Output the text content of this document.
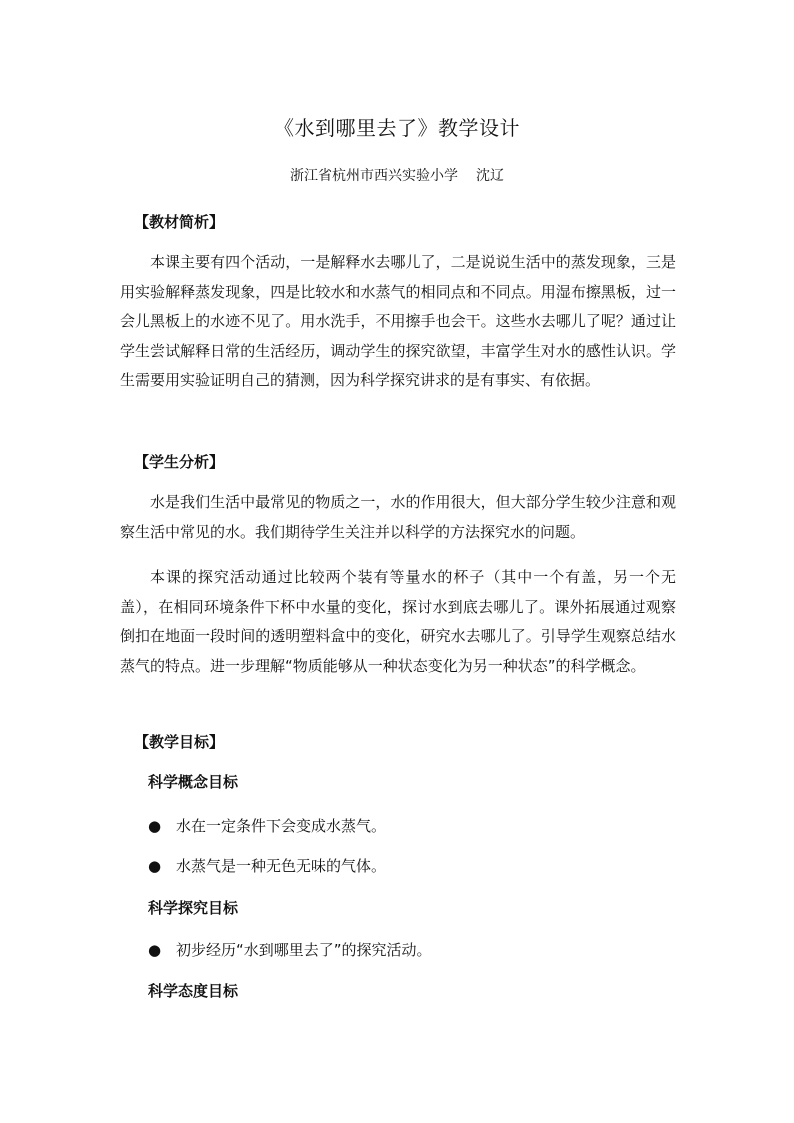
《水到哪里去了》教学设计
浙江省杭州市西兴实验小学 沈辽
【教材简析】
本课主要有四个活动，一是解释水去哪儿了，二是说说生活中的蒸发现象，三是用实验解释蒸发现象，四是比较水和水蒸气的相同点和不同点。用湿布擦黑板，过一会儿黑板上的水迹不见了。用水洗手，不用擦手也会干。这些水去哪儿了呢？通过让学生尝试解释日常的生活经历，调动学生的探究欲望，丰富学生对水的感性认识。学生需要用实验证明自己的猜测，因为科学探究讲求的是有事实、有依据。
【学生分析】
水是我们生活中最常见的物质之一，水的作用很大，但大部分学生较少注意和观察生活中常见的水。我们期待学生关注并以科学的方法探究水的问题。
本课的探究活动通过比较两个装有等量水的杯子（其中一个有盖，另一个无盖），在相同环境条件下杯中水量的变化，探讨水到底去哪儿了。课外拓展通过观察倒扣在地面一段时间的透明塑料盒中的变化，研究水去哪儿了。引导学生观察总结水蒸气的特点。进一步理解“物质能够从一种状态变化为另一种状态”的科学概念。
【教学目标】
科学概念目标
● 水在一定条件下会变成水蒸气。
● 水蒸气是一种无色无味的气体。
科学探究目标
● 初步经历“水到哪里去了”的探究活动。
科学态度目标
